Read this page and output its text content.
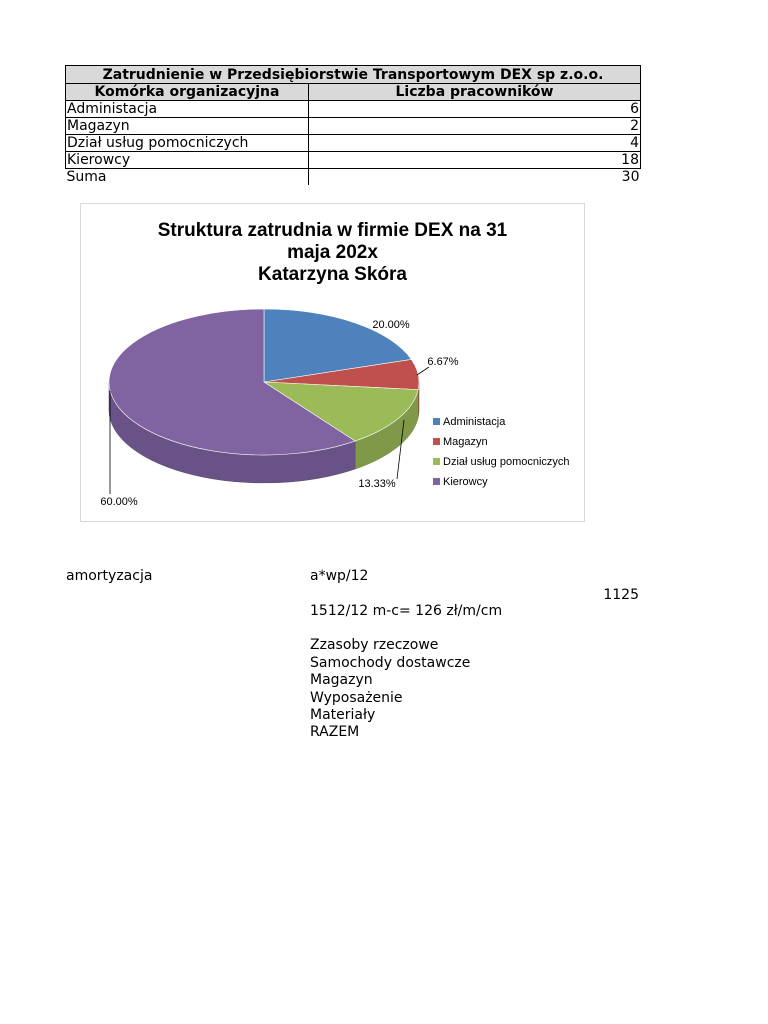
Zatrudnienie w Przedsiębiorstwie Transportowym DEX sp z.o.o.	
Komórka organizacyjna	Liczba pracowników
Administacja	6
Magazyn	2
Dział usług pomocniczych	4
Kierowcy	18
Suma	30
Struktura zatrudnia w firmie DEX na 31
maja 202x
Katarzyna Skóra
20.00%
6.67%
13.33%
60.00%
Administacja
Magazyn
Dział usług pomocniczych
Kierowcy
amortyzacja	a*wp/12
1125
1512/12 m-c= 126 zł/m/cm
Zzasoby rzeczowe
Samochody dostawcze
Magazyn
Wyposażenie
Materiały
RAZEM
